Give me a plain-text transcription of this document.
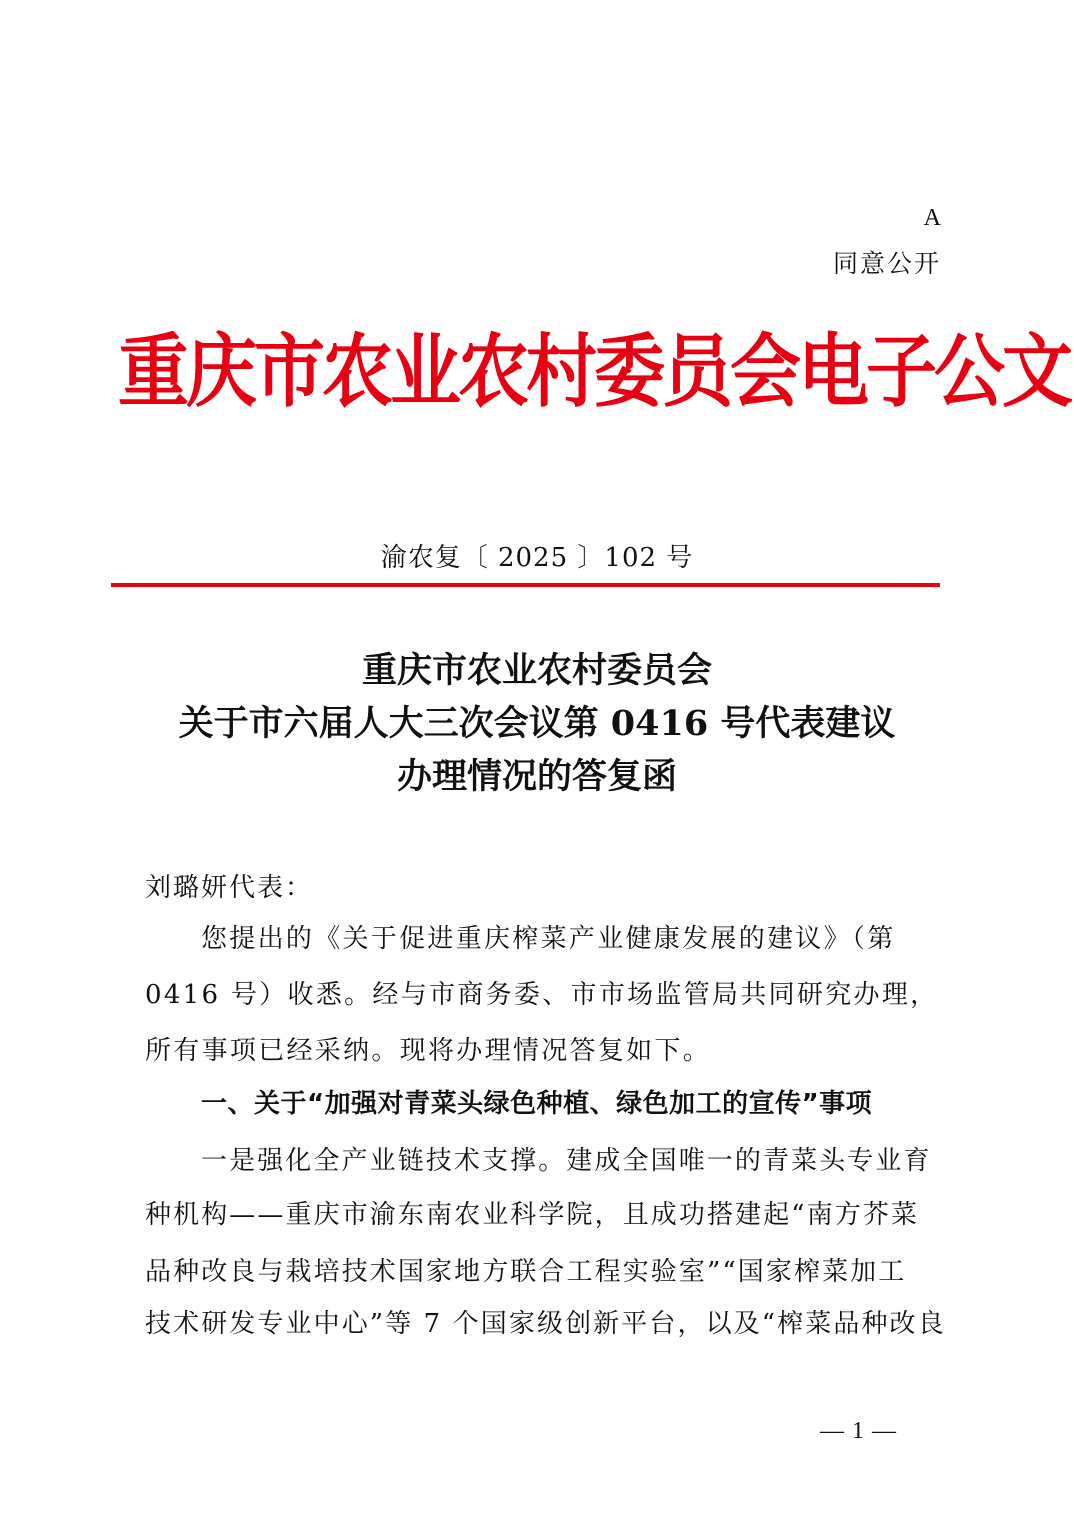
A
同意公开
重庆市农业农村委员会电子公文
渝农复〔 2025 〕102 号
重庆市农业农村委员会
关于市六届人大三次会议第 0416 号代表建议
办理情况的答复函
刘璐妍代表：
您提出的《关于促进重庆榨菜产业健康发展的建议》（第
0416 号）收悉。经与市商务委、市市场监管局共同研究办理，
所有事项已经采纳。现将办理情况答复如下。
一、关于“加强对青菜头绿色种植、绿色加工的宣传”事项
一是强化全产业链技术支撑。建成全国唯一的青菜头专业育
种机构——重庆市渝东南农业科学院，且成功搭建起“南方芥菜
品种改良与栽培技术国家地方联合工程实验室”“国家榨菜加工
技术研发专业中心”等 7 个国家级创新平台，以及“榨菜品种改良
— 1 —
